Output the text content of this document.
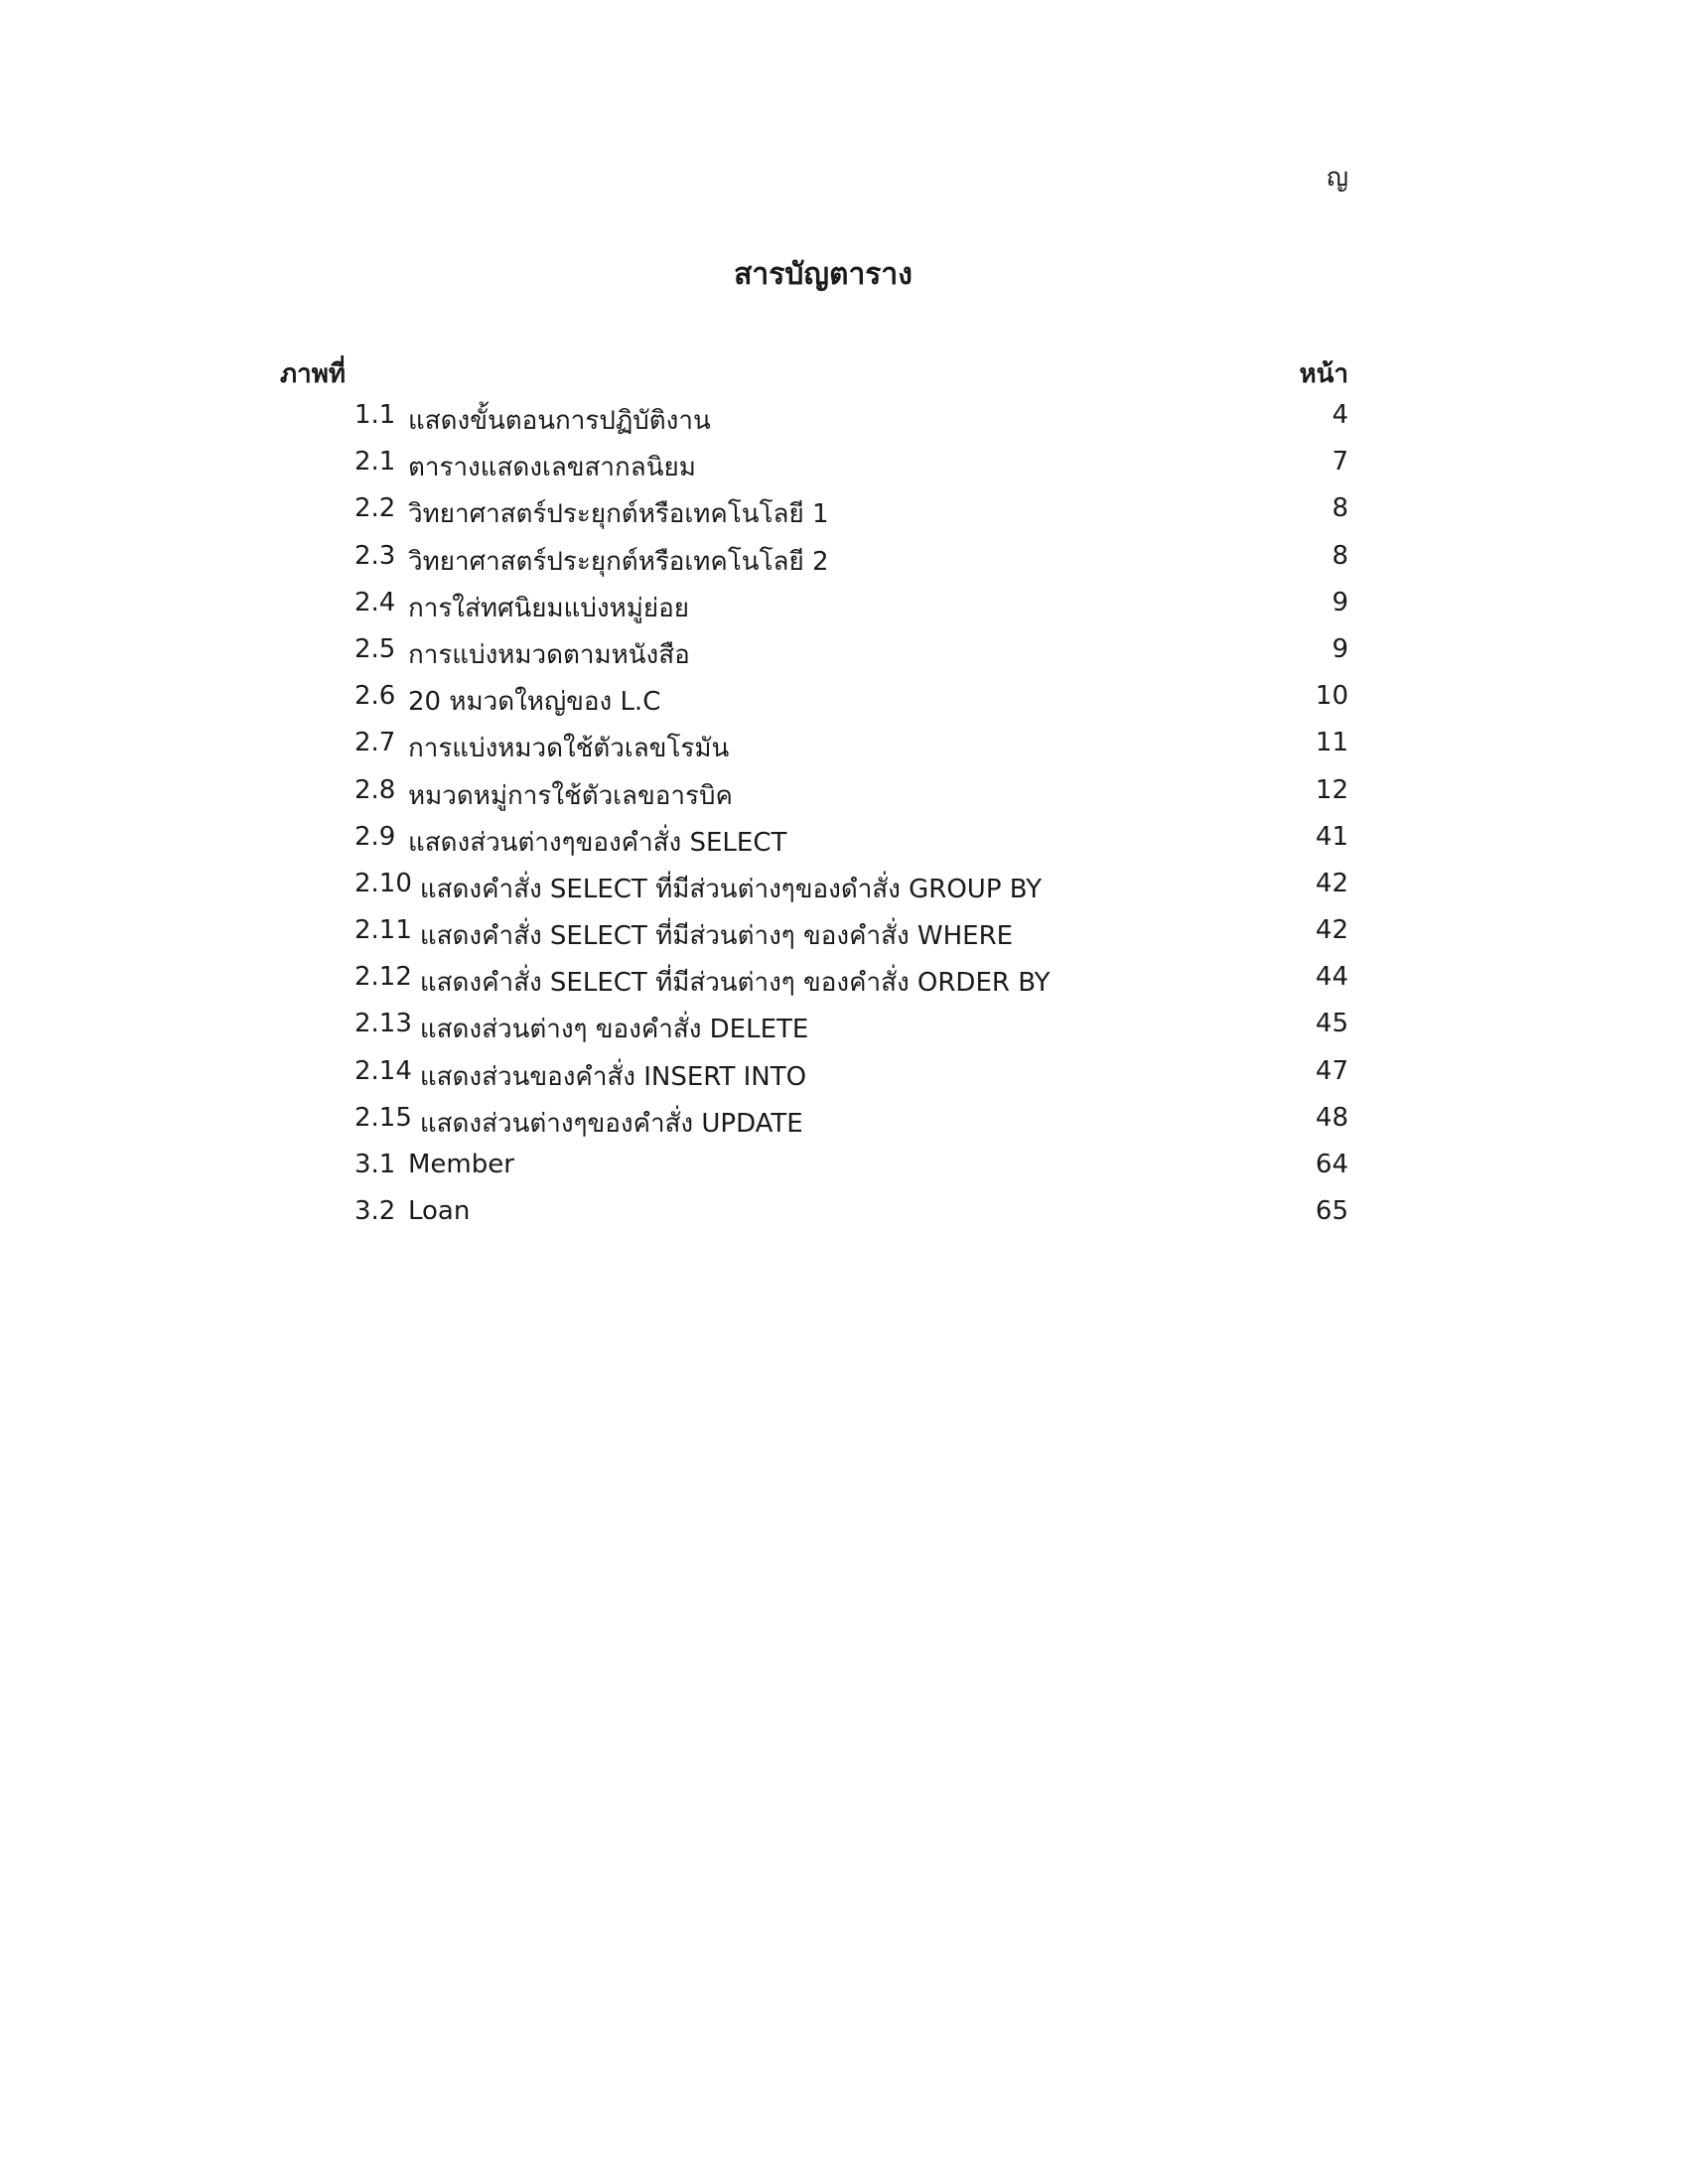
ญ
สารบัญตาราง
ภาพที่	หน้า
1.1 แสดงขั้นตอนการปฏิบัติงาน	4
2.1 ตารางแสดงเลขสากลนิยม	7
2.2 วิทยาศาสตร์ประยุกต์หรือเทคโนโลยี 1	8
2.3 วิทยาศาสตร์ประยุกต์หรือเทคโนโลยี 2	8
2.4 การใส่ทศนิยมแบ่งหมู่ย่อย	9
2.5 การแบ่งหมวดตามหนังสือ	9
2.6 20 หมวดใหญ่ของ L.C	10
2.7 การแบ่งหมวดใช้ตัวเลขโรมัน	11
2.8 หมวดหมู่การใช้ตัวเลขอารบิค	12
2.9 แสดงส่วนต่างๆของคำสั่ง SELECT	41
2.10 แสดงคำสั่ง SELECT ที่มีส่วนต่างๆของดำสั่ง GROUP BY	42
2.11 แสดงคำสั่ง SELECT ที่มีส่วนต่างๆ ของคำสั่ง WHERE	42
2.12 แสดงคำสั่ง SELECT ที่มีส่วนต่างๆ ของคำสั่ง ORDER BY	44
2.13 แสดงส่วนต่างๆ ของคำสั่ง DELETE	45
2.14 แสดงส่วนของคำสั่ง INSERT INTO	47
2.15 แสดงส่วนต่างๆของคำสั่ง UPDATE	48
3.1 Member	64
3.2 Loan	65
